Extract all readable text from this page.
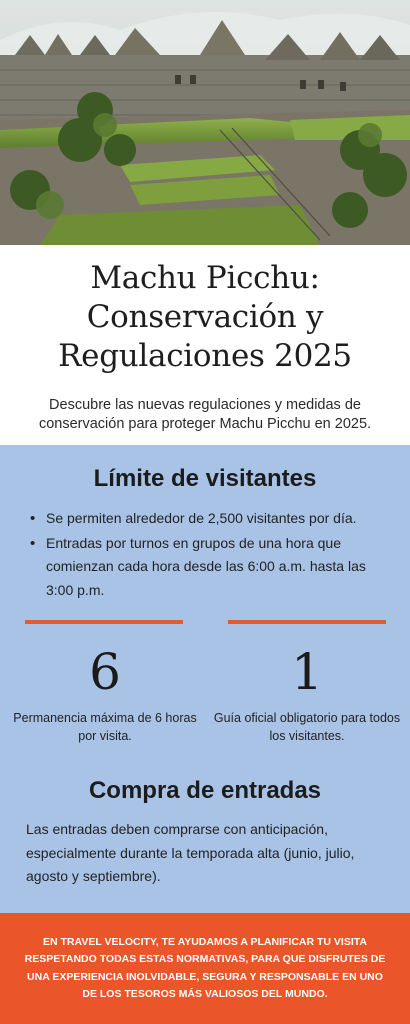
Machu Picchu: Conservación y Regulaciones 2025

Descubre las nuevas regulaciones y medidas de conservación para proteger Machu Picchu en 2025.

Límite de visitantes
• Se permiten alrededor de 2,500 visitantes por día.
• Entradas por turnos en grupos de una hora que comienzan cada hora desde las 6:00 a.m. hasta las 3:00 p.m.
6
Permanencia máxima de 6 horas por visita.
1
Guía oficial obligatorio para todos los visitantes.
Compra de entradas

Las entradas deben comprarse con anticipación, especialmente durante la temporada alta (junio, julio, agosto y septiembre).

EN TRAVEL VELOCITY, TE AYUDAMOS A PLANIFICAR TU VISITA RESPETANDO TODAS ESTAS NORMATIVAS, PARA QUE DISFRUTES DE UNA EXPERIENCIA INOLVIDABLE, SEGURA Y RESPONSABLE EN UNO DE LOS TESOROS MÁS VALIOSOS DEL MUNDO.
